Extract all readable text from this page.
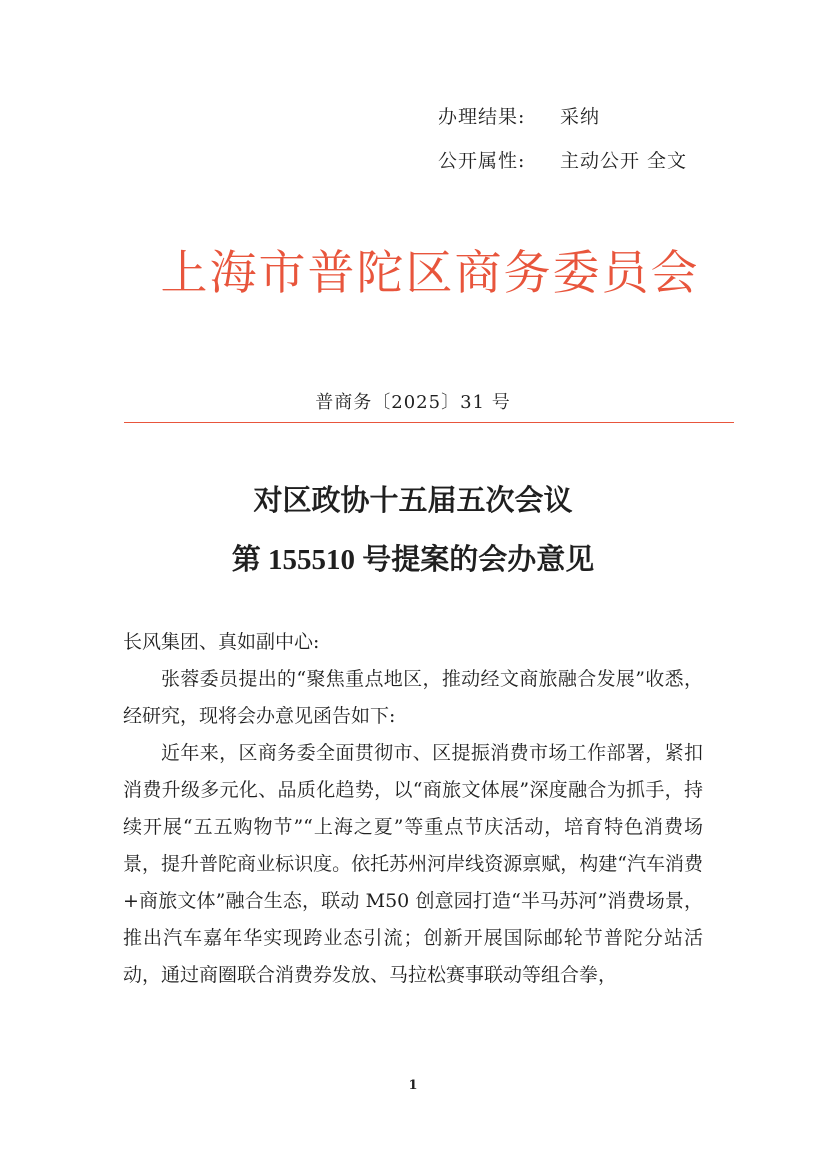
办理结果: 采纳
公开属性: 主动公开 全文
上海市普陀区商务委员会
普商务〔2025〕31 号
对区政协十五届五次会议
第 155510 号提案的会办意见

长风集团、真如副中心:

张蓉委员提出的“聚焦重点地区，推动经文商旅融合发展”收悉，经研究，现将会办意见函告如下:

近年来，区商务委全面贯彻市、区提振消费市场工作部署，紧扣消费升级多元化、品质化趋势，以“商旅文体展”深度融合为抓手，持续开展“五五购物节”“上海之夏”等重点节庆活动，培育特色消费场景，提升普陀商业标识度。依托苏州河岸线资源禀赋，构建“汽车消费+商旅文体”融合生态，联动 M50 创意园打造“半马苏河”消费场景，推出汽车嘉年华实现跨业态引流；创新开展国际邮轮节普陀分站活动，通过商圈联合消费券发放、马拉松赛事联动等组合拳，

1
